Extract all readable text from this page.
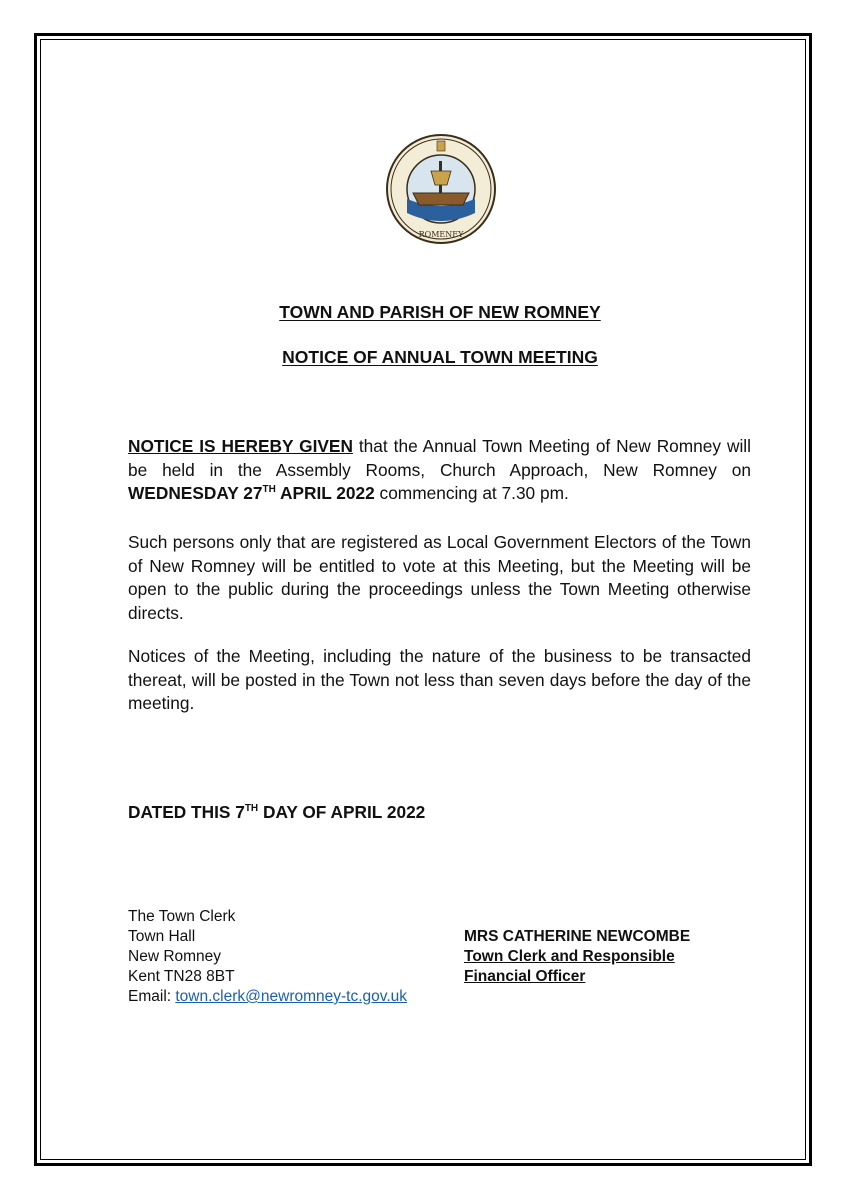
ROMENEY
TOWN AND PARISH OF NEW ROMNEY
NOTICE OF ANNUAL TOWN MEETING

NOTICE IS HEREBY GIVEN that the Annual Town Meeting of New Romney will be held in the Assembly Rooms, Church Approach, New Romney on WEDNESDAY 27TH APRIL 2022 commencing at 7.30 pm.

Such persons only that are registered as Local Government Electors of the Town of New Romney will be entitled to vote at this Meeting, but the Meeting will be open to the public during the proceedings unless the Town Meeting otherwise directs.

Notices of the Meeting, including the nature of the business to be transacted thereat, will be posted in the Town not less than seven days before the day of the meeting.

DATED THIS 7TH DAY OF APRIL 2022
The Town Clerk
Town Hall
New Romney
Kent TN28 8BT
Email: town.clerk@newromney-tc.gov.uk
MRS CATHERINE NEWCOMBE
Town Clerk and Responsible
Financial Officer
